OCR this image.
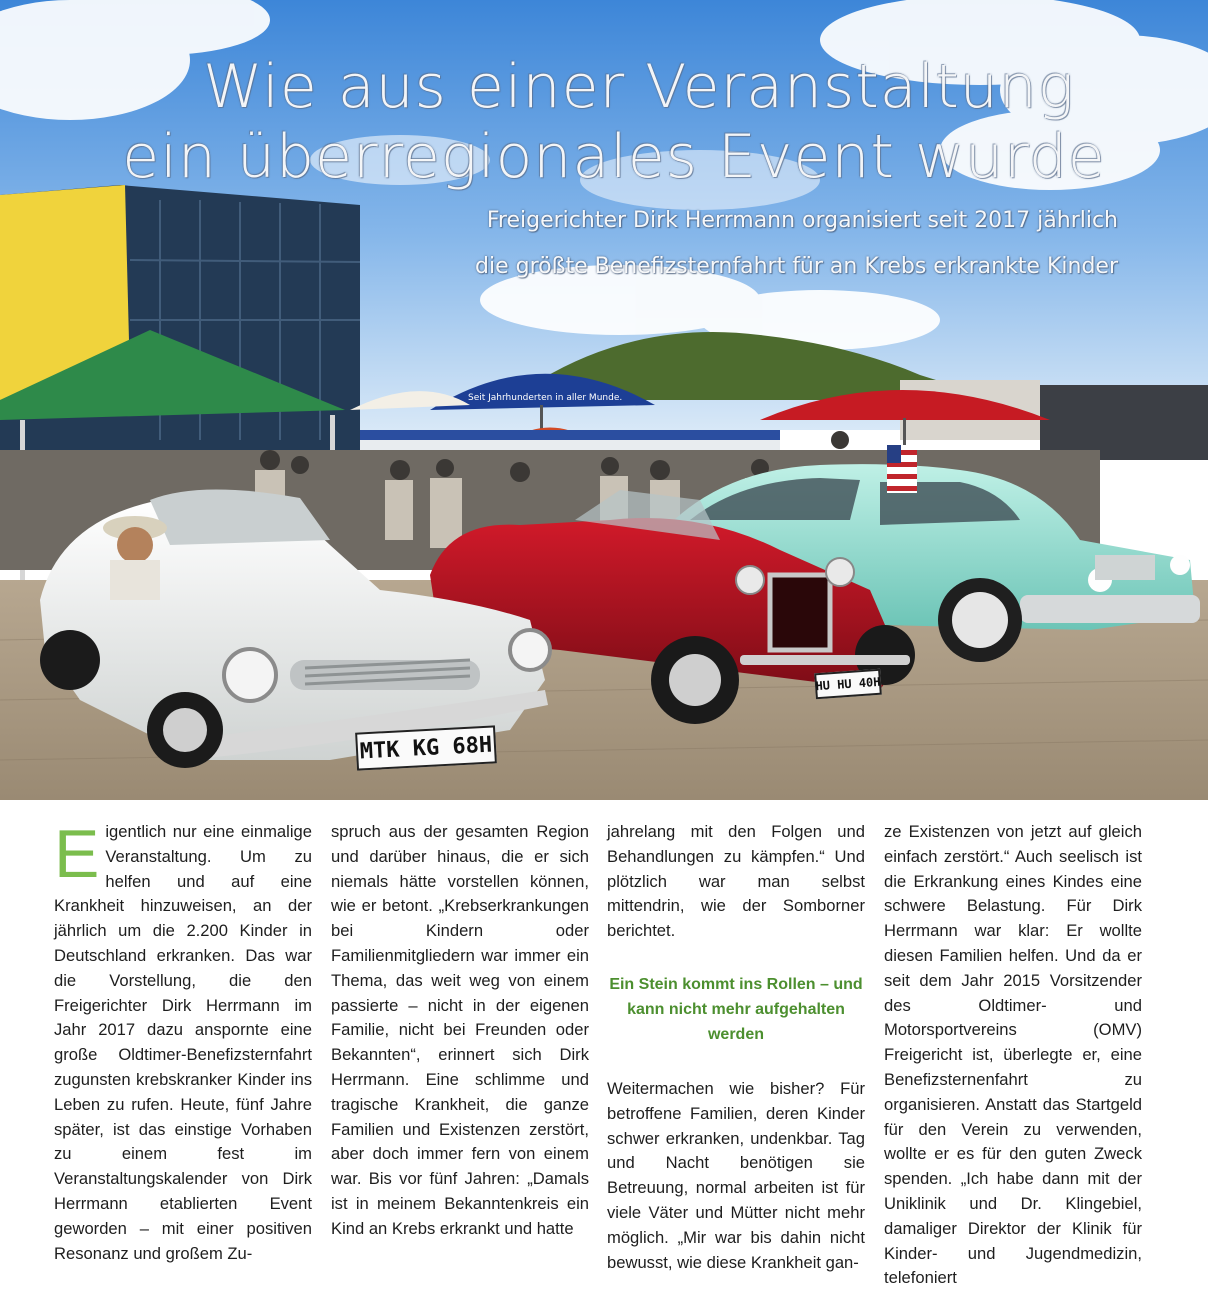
Wie aus einer Veranstaltung
ein überregionales Event wurde
Freigerichter Dirk Herrmann organisiert seit 2017 jährlich
die größte Benefizsternfahrt für an Krebs erkrankte Kinder
Seit Jahrhunderten in aller Munde.
MTK KG 68H
HU HU 40H
E igentlich nur eine einmalige Veranstaltung. Um zu helfen und auf eine Krankheit hinzuweisen, an der jährlich um die 2.200 Kinder in Deutschland erkranken. Das war die Vorstellung, die den Freigerichter Dirk Herrmann im Jahr 2017 dazu anspornte eine große Oldtimer-Benefizsternfahrt zugunsten krebskranker Kinder ins Leben zu rufen. Heute, fünf Jahre später, ist das einstige Vorhaben zu einem fest im Veranstaltungskalender von Dirk Herrmann etablierten Event geworden – mit einer positiven Resonanz und großem Zu-

spruch aus der gesamten Region und darüber hinaus, die er sich niemals hätte vorstellen können, wie er betont. „Krebserkrankungen bei Kindern oder Familienmitgliedern war immer ein Thema, das weit weg von einem passierte – nicht in der eigenen Familie, nicht bei Freunden oder Bekannten“, erinnert sich Dirk Herrmann. Eine schlimme und tragische Krankheit, die ganze Familien und Existenzen zerstört, aber doch immer fern von einem war. Bis vor fünf Jahren: „Damals ist in meinem Bekanntenkreis ein Kind an Krebs erkrankt und hatte

jahrelang mit den Folgen und Behandlungen zu kämpfen.“ Und plötzlich war man selbst mittendrin, wie der Somborner berichtet.

Ein Stein kommt ins Rollen – und kann nicht mehr aufgehalten werden

Weitermachen wie bisher? Für betroffene Familien, deren Kinder schwer erkranken, undenkbar. Tag und Nacht benötigen sie Betreuung, normal arbeiten ist für viele Väter und Mütter nicht mehr möglich. „Mir war bis dahin nicht bewusst, wie diese Krankheit gan-

ze Existenzen von jetzt auf gleich einfach zerstört.“ Auch seelisch ist die Erkrankung eines Kindes eine schwere Belastung. Für Dirk Herrmann war klar: Er wollte diesen Familien helfen. Und da er seit dem Jahr 2015 Vorsitzender des Oldtimer- und Motorsportvereins (OMV) Freigericht ist, überlegte er, eine Benefizsternenfahrt zu organisieren. Anstatt das Startgeld für den Verein zu verwenden, wollte er es für den guten Zweck spenden. „Ich habe dann mit der Uniklinik und Dr. Klingebiel, damaliger Direktor der Klinik für Kinder- und Jugendmedizin, telefoniert
